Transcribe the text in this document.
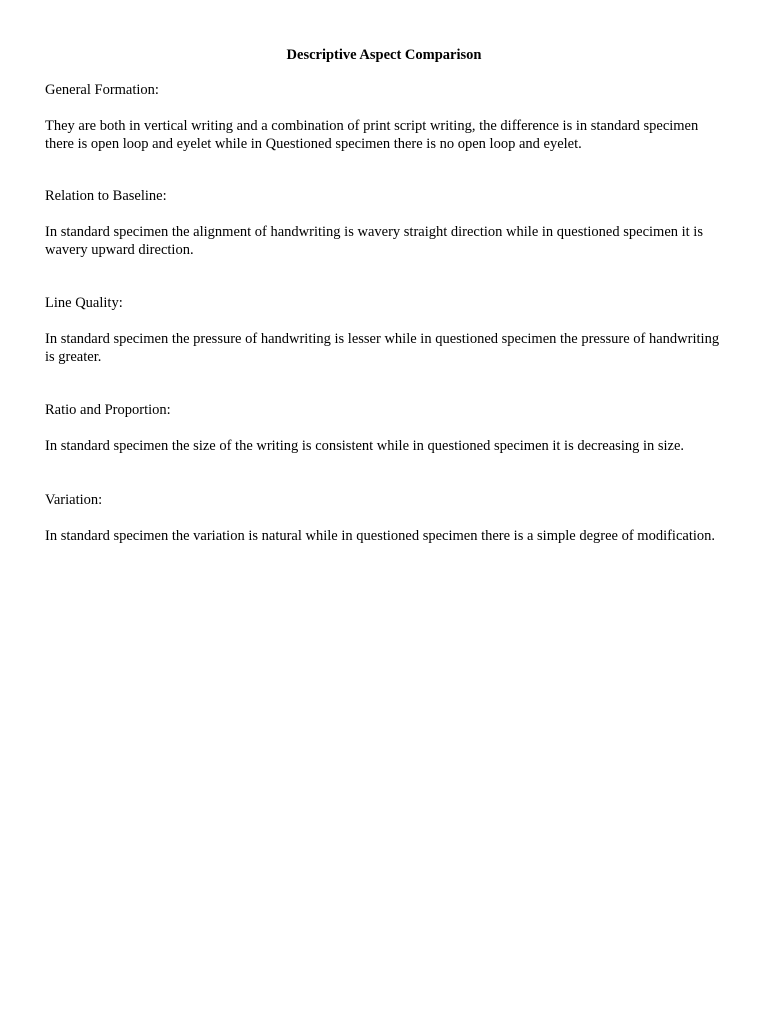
Descriptive Aspect Comparison

General Formation:

They are both in vertical writing and a combination of print script writing, the difference is in standard specimen there is open loop and eyelet while in Questioned specimen there is no open loop and eyelet.

Relation to Baseline:

In standard specimen the alignment of handwriting is wavery straight direction while in questioned specimen it is wavery upward direction.

Line Quality:

In standard specimen the pressure of handwriting is lesser while in questioned specimen the pressure of handwriting is greater.

Ratio and Proportion:

In standard specimen the size of the writing is consistent while in questioned specimen it is decreasing in size.

Variation:

In standard specimen the variation is natural while in questioned specimen there is a simple degree of modification.
